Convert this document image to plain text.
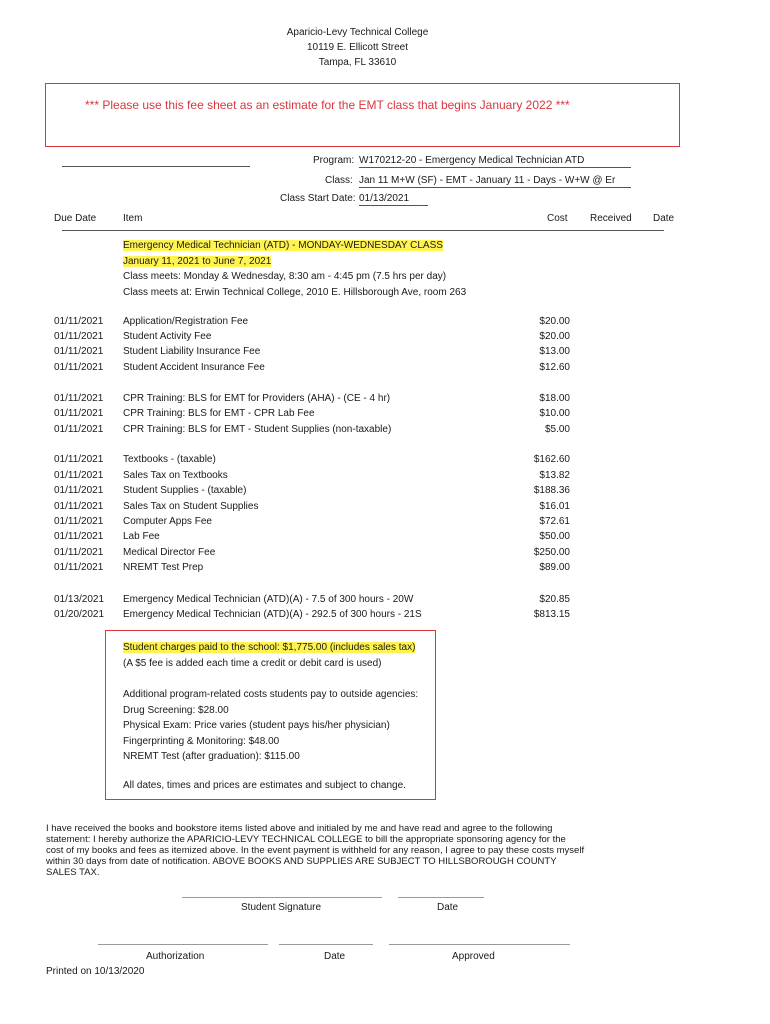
Aparicio-Levy Technical College
10119 E. Ellicott Street
Tampa, FL 33610
*** Please use this fee sheet as an estimate for the EMT class that begins January 2022 ***
Program: W170212-20 - Emergency Medical Technician ATD
Class: Jan 11 M+W (SF) - EMT - January 11 - Days - W+W @ Er
Class Start Date: 01/13/2021
Due Date	Item	Cost Received Date
Emergency Medical Technician (ATD) - MONDAY-WEDNESDAY CLASS
January 11, 2021 to June 7, 2021
Class meets: Monday & Wednesday, 8:30 am - 4:45 pm (7.5 hrs per day)
Class meets at: Erwin Technical College, 2010 E. Hillsborough Ave, room 263
01/11/2021 Application/Registration Fee	$20.00
01/11/2021 Student Activity Fee	$20.00
01/11/2021 Student Liability Insurance Fee	$13.00
01/11/2021 Student Accident Insurance Fee	$12.60
01/11/2021 CPR Training: BLS for EMT for Providers (AHA) - (CE - 4 hr)	$18.00
01/11/2021 CPR Training: BLS for EMT - CPR Lab Fee	$10.00
01/11/2021 CPR Training: BLS for EMT - Student Supplies (non-taxable)	$5.00
01/11/2021 Textbooks - (taxable)	$162.60
01/11/2021 Sales Tax on Textbooks	$13.82
01/11/2021 Student Supplies - (taxable)	$188.36
01/11/2021 Sales Tax on Student Supplies	$16.01
01/11/2021 Computer Apps Fee	$72.61
01/11/2021 Lab Fee	$50.00
01/11/2021 Medical Director Fee	$250.00
01/11/2021 NREMT Test Prep	$89.00
01/13/2021 Emergency Medical Technician (ATD)(A) - 7.5 of 300 hours - 20W	$20.85
01/20/2021 Emergency Medical Technician (ATD)(A) - 292.5 of 300 hours - 21S	$813.15
Student charges paid to the school: $1,775.00 (includes sales tax)
(A $5 fee is added each time a credit or debit card is used)
Additional program-related costs students pay to outside agencies:
Drug Screening: $28.00
Physical Exam: Price varies (student pays his/her physician)
Fingerprinting & Monitoring: $48.00
NREMT Test (after graduation): $115.00
All dates, times and prices are estimates and subject to change.
I have received the books and bookstore items listed above and initialed by me and have read and agree to the following
statement: I hereby authorize the APARICIO-LEVY TECHNICAL COLLEGE to bill the appropriate sponsoring agency for the
cost of my books and fees as itemized above. In the event payment is withheld for any reason, I agree to pay these costs myself
within 30 days from date of notification. ABOVE BOOKS AND SUPPLIES ARE SUBJECT TO HILLSBOROUGH COUNTY
SALES TAX.
Student Signature	Date
Authorization	Date	Approved
Printed on 10/13/2020
